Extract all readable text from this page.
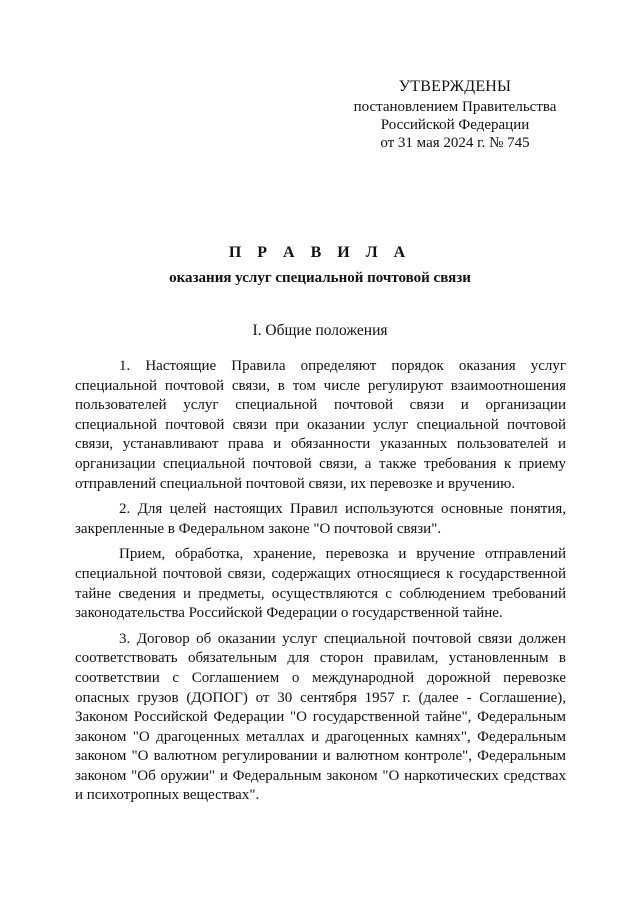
УТВЕРЖДЕНЫ
постановлением Правительства
Российской Федерации
от 31 мая 2024 г. № 745
П Р А В И Л А
оказания услуг специальной почтовой связи
I. Общие положения

1. Настоящие Правила определяют порядок оказания услуг специальной почтовой связи, в том числе регулируют взаимоотношения пользователей услуг специальной почтовой связи и организации специальной почтовой связи при оказании услуг специальной почтовой связи, устанавливают права и обязанности указанных пользователей и организации специальной почтовой связи, а также требования к приему отправлений специальной почтовой связи, их перевозке и вручению.

2. Для целей настоящих Правил используются основные понятия, закрепленные в Федеральном законе "О почтовой связи".

Прием, обработка, хранение, перевозка и вручение отправлений специальной почтовой связи, содержащих относящиеся к государственной тайне сведения и предметы, осуществляются с соблюдением требований законодательства Российской Федерации о государственной тайне.

3. Договор об оказании услуг специальной почтовой связи должен соответствовать обязательным для сторон правилам, установленным в соответствии с Соглашением о международной дорожной перевозке опасных грузов (ДОПОГ) от 30 сентября 1957 г. (далее - Соглашение), Законом Российской Федерации "О государственной тайне", Федеральным законом "О драгоценных металлах и драгоценных камнях", Федеральным законом "О валютном регулировании и валютном контроле", Федеральным законом "Об оружии" и Федеральным законом "О наркотических средствах и психотропных веществах".
